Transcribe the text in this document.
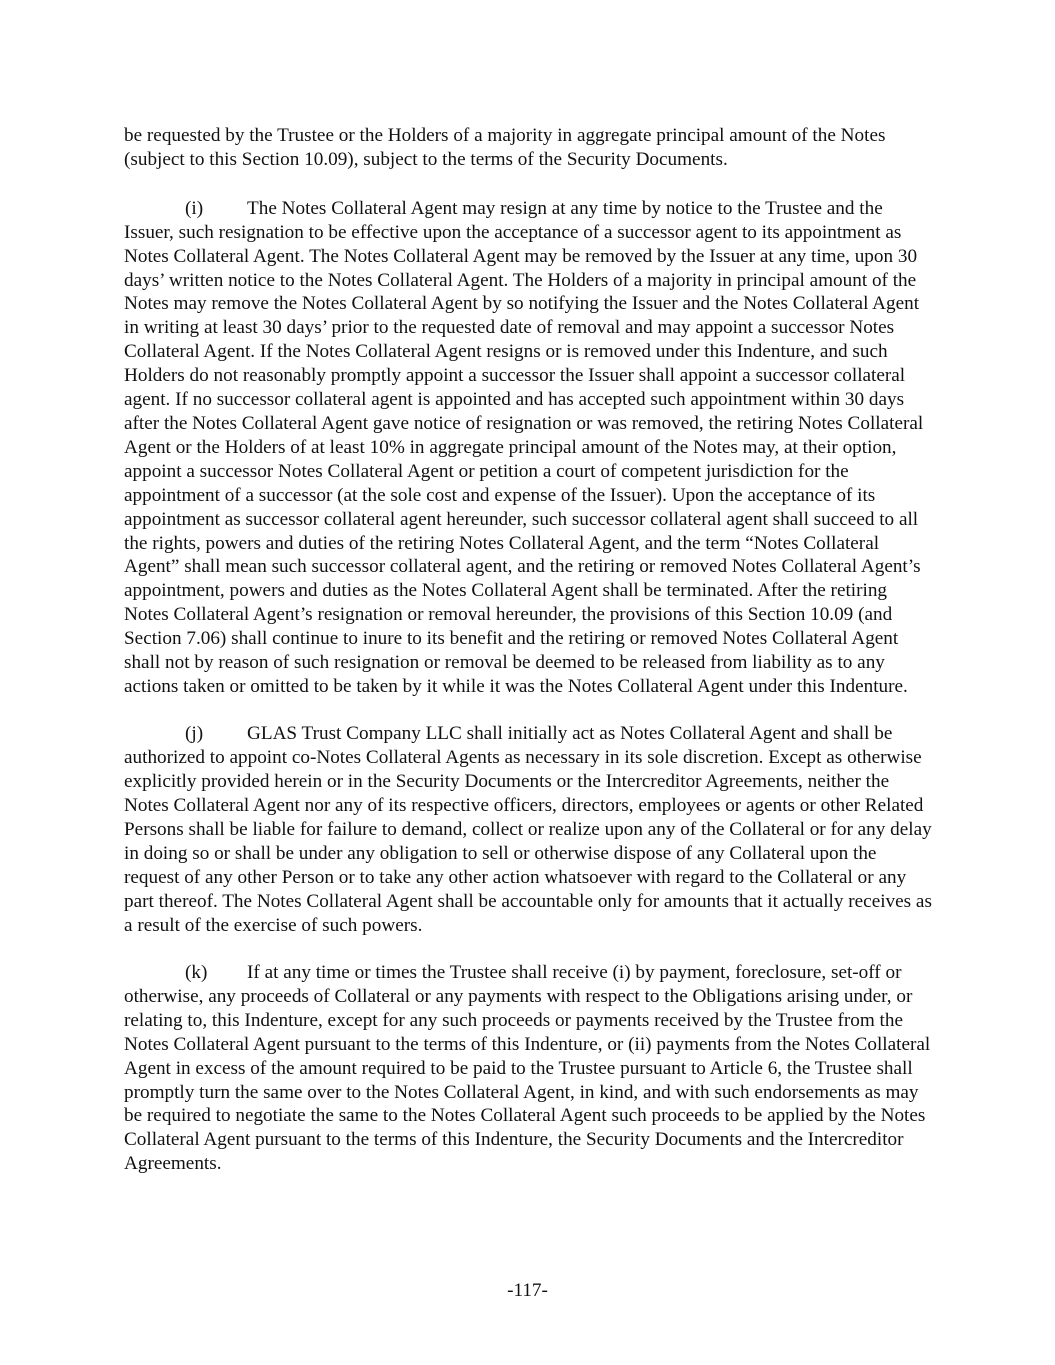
be requested by the Trustee or the Holders of a majority in aggregate principal amount of the Notes (subject to this Section 10.09), subject to the terms of the Security Documents.

(i) The Notes Collateral Agent may resign at any time by notice to the Trustee and the Issuer, such resignation to be effective upon the acceptance of a successor agent to its appointment as Notes Collateral Agent. The Notes Collateral Agent may be removed by the Issuer at any time, upon 30 days’ written notice to the Notes Collateral Agent. The Holders of a majority in principal amount of the Notes may remove the Notes Collateral Agent by so notifying the Issuer and the Notes Collateral Agent in writing at least 30 days’ prior to the requested date of removal and may appoint a successor Notes Collateral Agent. If the Notes Collateral Agent resigns or is removed under this Indenture, and such Holders do not reasonably promptly appoint a successor the Issuer shall appoint a successor collateral agent. If no successor collateral agent is appointed and has accepted such appointment within 30 days after the Notes Collateral Agent gave notice of resignation or was removed, the retiring Notes Collateral Agent or the Holders of at least 10% in aggregate principal amount of the Notes may, at their option, appoint a successor Notes Collateral Agent or petition a court of competent jurisdiction for the appointment of a successor (at the sole cost and expense of the Issuer). Upon the acceptance of its appointment as successor collateral agent hereunder, such successor collateral agent shall succeed to all the rights, powers and duties of the retiring Notes Collateral Agent, and the term “Notes Collateral Agent” shall mean such successor collateral agent, and the retiring or removed Notes Collateral Agent’s appointment, powers and duties as the Notes Collateral Agent shall be terminated. After the retiring Notes Collateral Agent’s resignation or removal hereunder, the provisions of this Section 10.09 (and Section 7.06) shall continue to inure to its benefit and the retiring or removed Notes Collateral Agent shall not by reason of such resignation or removal be deemed to be released from liability as to any actions taken or omitted to be taken by it while it was the Notes Collateral Agent under this Indenture.

(j) GLAS Trust Company LLC shall initially act as Notes Collateral Agent and shall be authorized to appoint co-Notes Collateral Agents as necessary in its sole discretion. Except as otherwise explicitly provided herein or in the Security Documents or the Intercreditor Agreements, neither the Notes Collateral Agent nor any of its respective officers, directors, employees or agents or other Related Persons shall be liable for failure to demand, collect or realize upon any of the Collateral or for any delay in doing so or shall be under any obligation to sell or otherwise dispose of any Collateral upon the request of any other Person or to take any other action whatsoever with regard to the Collateral or any part thereof. The Notes Collateral Agent shall be accountable only for amounts that it actually receives as a result of the exercise of such powers.

(k) If at any time or times the Trustee shall receive (i) by payment, foreclosure, set-off or otherwise, any proceeds of Collateral or any payments with respect to the Obligations arising under, or relating to, this Indenture, except for any such proceeds or payments received by the Trustee from the Notes Collateral Agent pursuant to the terms of this Indenture, or (ii) payments from the Notes Collateral Agent in excess of the amount required to be paid to the Trustee pursuant to Article 6, the Trustee shall promptly turn the same over to the Notes Collateral Agent, in kind, and with such endorsements as may be required to negotiate the same to the Notes Collateral Agent such proceeds to be applied by the Notes Collateral Agent pursuant to the terms of this Indenture, the Security Documents and the Intercreditor Agreements.

-117-
